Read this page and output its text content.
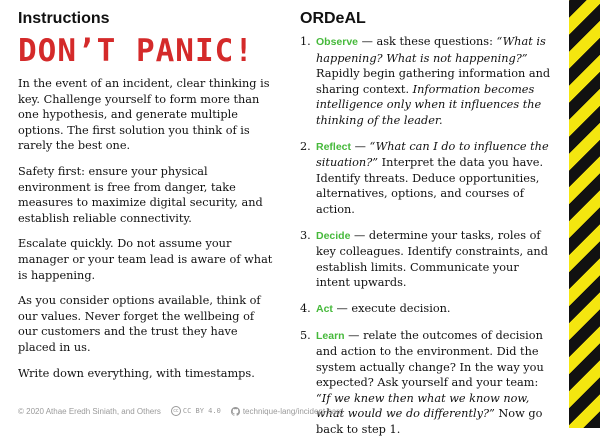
Instructions
DON’T PANIC!

In the event of an incident, clear thinking is key. Challenge yourself to form more than one hypothesis, and generate multiple options. The first solution you think of is rarely the best one.

Safety first: ensure your physical environment is free from danger, take measures to maximize digital security, and establish reliable connectivity.

Escalate quickly. Do not assume your manager or your team lead is aware of what is happening.

As you consider options available, think of our values. Never forget the wellbeing of our customers and the trust they have placed in us.

Write down everything, with timestamps.

ORDeAL
1. Observe — ask these questions: “What is happening? What is not happening?” Rapidly begin gathering information and sharing context. Information becomes intelligence only when it influences the thinking of the leader.
2. Reflect — “What can I do to influence the situation?” Interpret the data you have. Identify threats. Deduce opportunities, alternatives, options, and courses of action.
3. Decide — determine your tasks, roles of key colleagues. Identify constraints, and establish limits. Communicate your intent upwards.
4. Act — execute decision.
5. Learn — relate the outcomes of decision and action to the environment. Did the system actually change? In the way you expected? Ask yourself and your team: “If we knew then what we know now, what would we do differently?” Now go back to step 1.
© 2020 Athae Eredh Siniath, and Others	cc CC BY 4.0	technique-lang/incident-card
